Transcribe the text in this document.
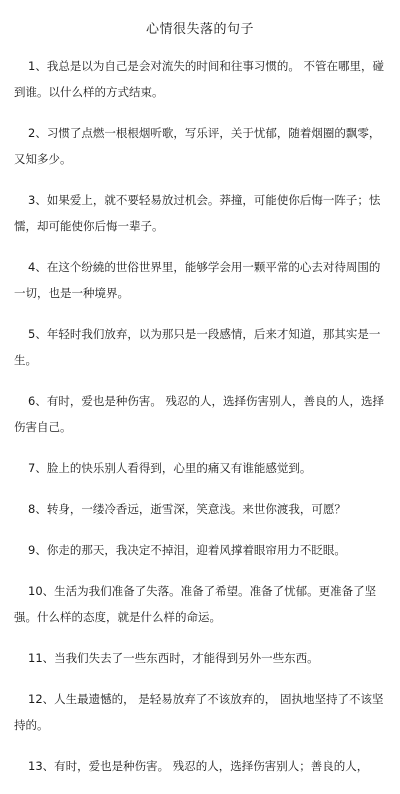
心情很失落的句子
1、我总是以为自己是会对流失的时间和往事习惯的。 不管在哪里，碰到谁。以什么样的方式结束。
2、习惯了点燃一根根烟听歌，写乐评，关于忧郁，随着烟圈的飘零，又知多少。
3、如果爱上，就不要轻易放过机会。莽撞，可能使你后悔一阵子；怯懦，却可能使你后悔一辈子。
4、在这个纷繞的世俗世界里，能够学会用一颗平常的心去对待周围的一切，也是一种境界。
5、年轻时我们放弃，以为那只是一段感情，后来才知道，那其实是一生。
6、有时，爱也是种伤害。 残忍的人，选择伤害别人，善良的人，选择伤害自己。
7、脸上的快乐别人看得到，心里的痛又有谁能感觉到。
8、转身，一缕冷香远，逝雪深，笑意浅。来世你渡我，可愿？
9、你走的那天，我决定不掉泪，迎着风撑着眼帘用力不眨眼。
10、生活为我们准备了失落。准备了希望。准备了忧郁。更准备了坚强。什么样的态度，就是什么样的命运。
11、当我们失去了一些东西时，才能得到另外一些东西。
12、人生最遗憾的， 是轻易放弃了不该放弃的， 固执地坚持了不该坚持的。
13、有时，爱也是种伤害。 残忍的人，选择伤害别人；善良的人，
